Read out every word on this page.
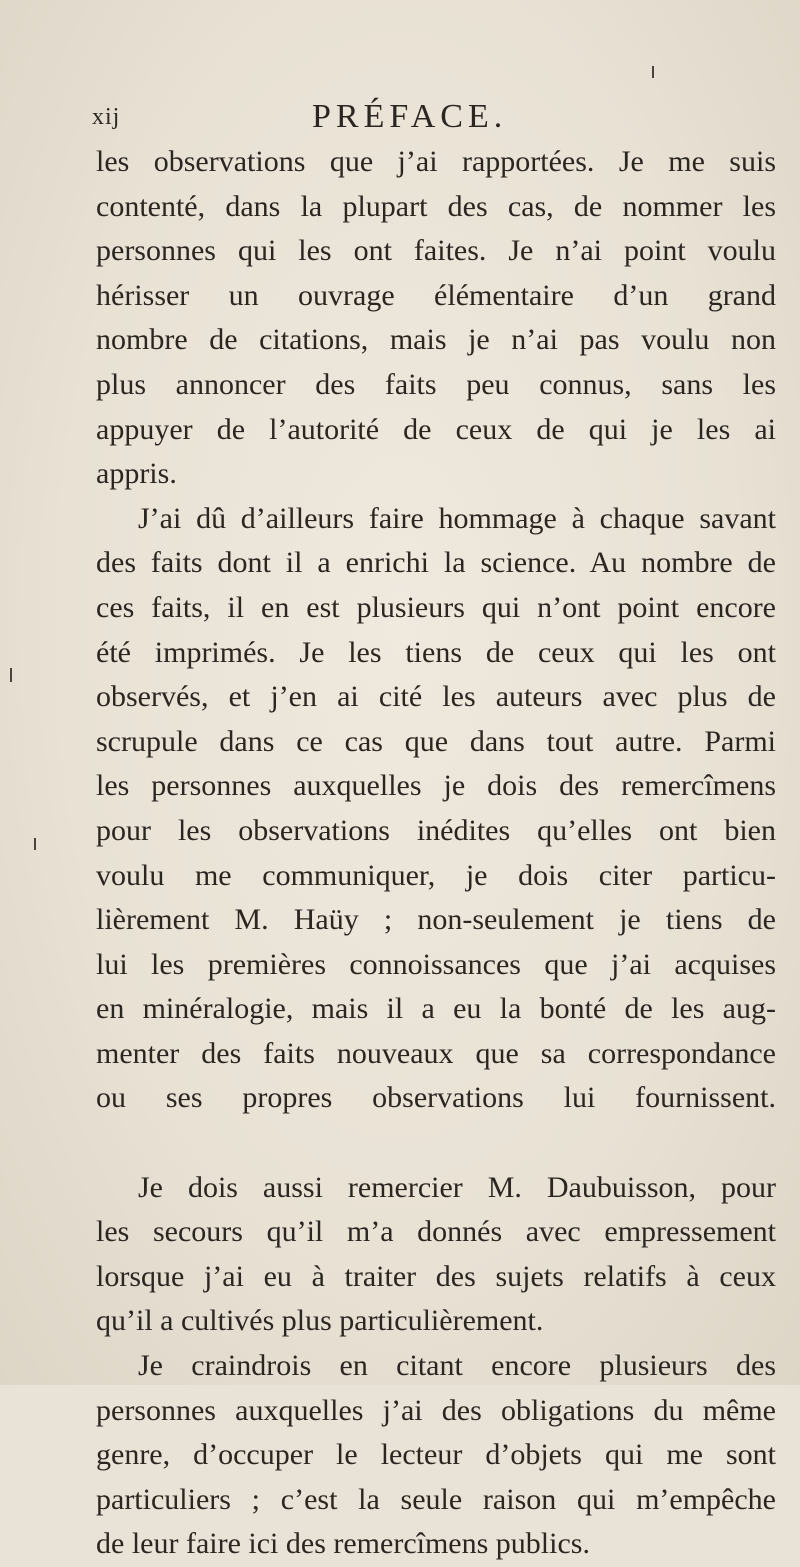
xij	PRÉFACE.
les observations que j’ai rapportées. Je me suis
contenté, dans la plupart des cas, de nommer les
personnes qui les ont faites. Je n’ai point voulu
hérisser un ouvrage élémentaire d’un grand
nombre de citations, mais je n’ai pas voulu non
plus annoncer des faits peu connus, sans les
appuyer de l’autorité de ceux de qui je les ai
appris.
J’ai dû d’ailleurs faire hommage à chaque savant
des faits dont il a enrichi la science. Au nombre de
ces faits, il en est plusieurs qui n’ont point encore
été imprimés. Je les tiens de ceux qui les ont
observés, et j’en ai cité les auteurs avec plus de
scrupule dans ce cas que dans tout autre. Parmi
les personnes auxquelles je dois des remercîmens
pour les observations inédites qu’elles ont bien
voulu me communiquer, je dois citer particu-
lièrement M. Haüy ; non-seulement je tiens de
lui les premières connoissances que j’ai acquises
en minéralogie, mais il a eu la bonté de les aug-
menter des faits nouveaux que sa correspondance
ou ses propres observations lui fournissent.
Je dois aussi remercier M. Daubuisson, pour
les secours qu’il m’a donnés avec empressement
lorsque j’ai eu à traiter des sujets relatifs à ceux
qu’il a cultivés plus particulièrement.
Je craindrois en citant encore plusieurs des
personnes auxquelles j’ai des obligations du même
genre, d’occuper le lecteur d’objets qui me sont
particuliers ; c’est la seule raison qui m’empêche
de leur faire ici des remercîmens publics.
